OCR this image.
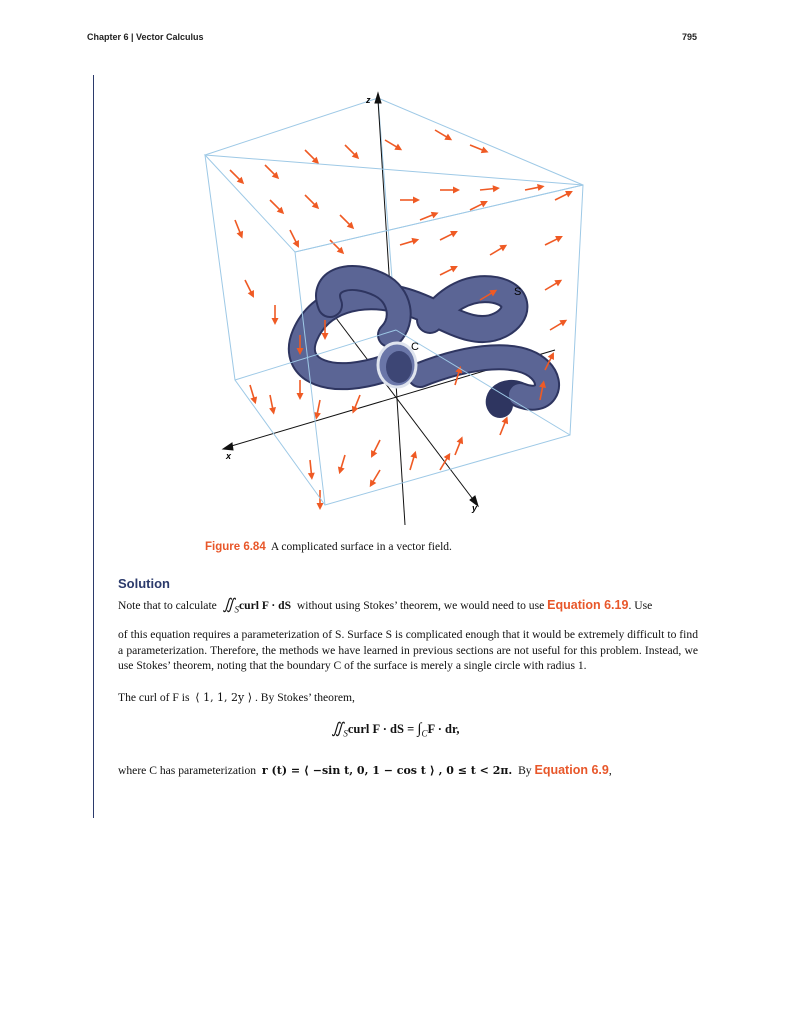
Chapter 6 | Vector Calculus	795
z
x
y
S
C
Figure 6.84 A complicated surface in a vector field.
Solution
Note that to calculate $∬_Scurl$ F · dS without using Stokes’ theorem, we would need to use Equation 6.19. Use
of this equation requires a parameterization of S. Surface S is complicated enough that it would be extremely difficult to find a parameterization. Therefore, the methods we have learned in previous sections are not useful for this problem. Instead, we use Stokes’ theorem, noting that the boundary C of the surface is merely a single circle with radius 1.
The curl of F is ⟨ 1, 1, 2y ⟩ . By Stokes’ theorem,
$∬_Scurl$ F · dS = $\int_CF$ · dr,
where C has parameterization r (t) = ⟨ −sin t, 0, 1 − cos t ⟩ , 0 ≤ t < 2π. By Equation 6.9,
